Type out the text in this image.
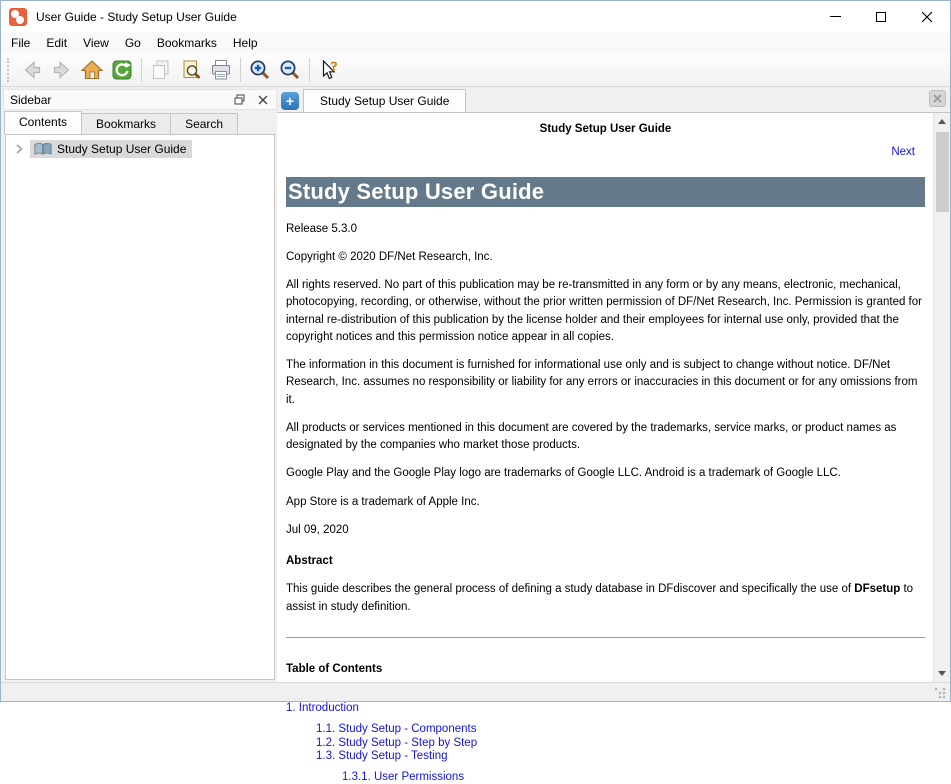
User Guide - Study Setup User Guide
File	Edit	View	Go	Bookmarks	Help
?
Sidebar
Contents	Bookmarks	Search
Study Setup User Guide
+	Study Setup User Guide
Study Setup User Guide
Next
Study Setup User Guide
Release 5.3.0
Copyright © 2020 DF/Net Research, Inc.
All rights reserved. No part of this publication may be re-transmitted in any form or by any means, electronic, mechanical, photocopying, recording, or otherwise, without the prior written permission of DF/Net Research, Inc. Permission is granted for internal re-distribution of this publication by the license holder and their employees for internal use only, provided that the copyright notices and this permission notice appear in all copies.
The information in this document is furnished for informational use only and is subject to change without notice. DF/Net Research, Inc. assumes no responsibility or liability for any errors or inaccuracies in this document or for any omissions from it.
All products or services mentioned in this document are covered by the trademarks, service marks, or product names as designated by the companies who market those products.
Google Play and the Google Play logo are trademarks of Google LLC. Android is a trademark of Google LLC.
App Store is a trademark of Apple Inc.
Jul 09, 2020
Abstract
This guide describes the general process of defining a study database in DFdiscover and specifically the use of DFsetup to assist in study definition.
Table of Contents
1. Introduction
1.1. Study Setup - Components
1.2. Study Setup - Step by Step
1.3. Study Setup - Testing
1.3.1. User Permissions
